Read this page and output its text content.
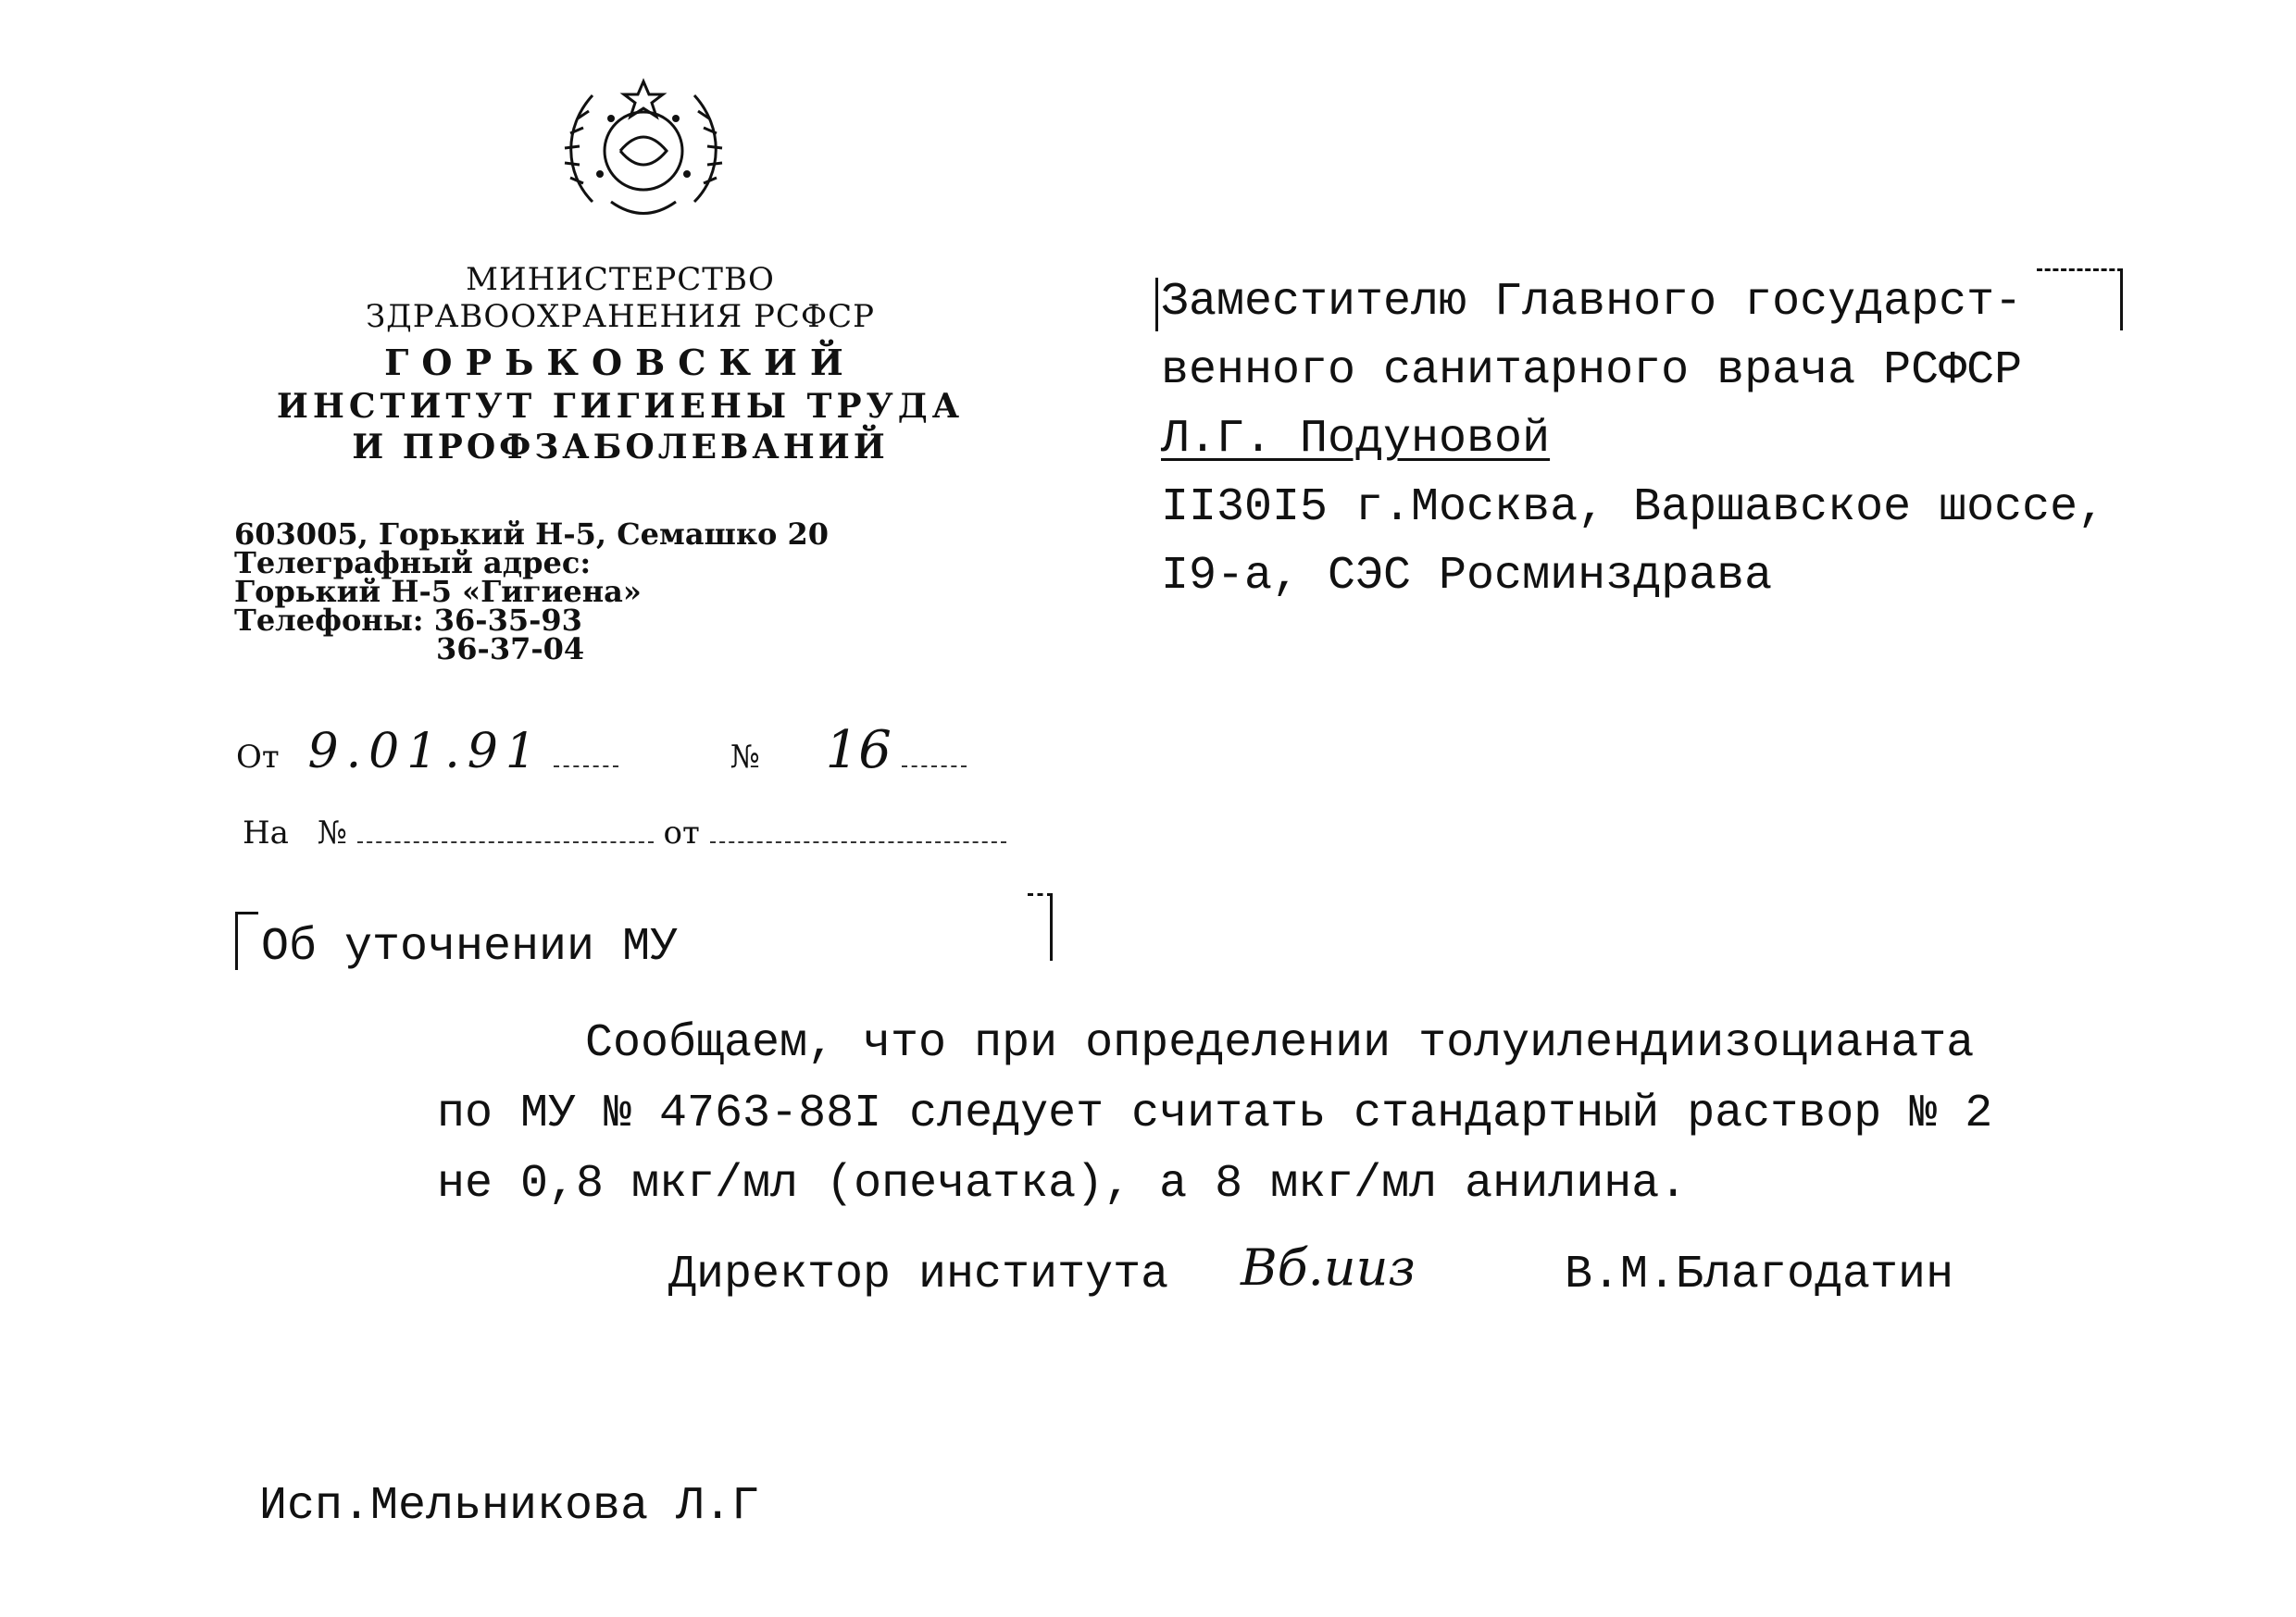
МИНИСТЕРСТВО
ЗДРАВООХРАНЕНИЯ РСФСР
ГОРЬКОВСКИЙ
ИНСТИТУТ ГИГИЕНЫ ТРУДА
И ПРОФЗАБОЛЕВАНИЙ
603005, Горький Н-5, Семашко 20
Телеграфный адрес:
Горький Н-5 «Гигиена»
Телефоны: 36-35-93
36-37-04
От 9.01.91	№ 16
На №	от
Заместителю Главного государст-
венного санитарного врача РСФСР
Л.Г. Подуновой
II30I5 г.Москва, Варшавское шоссе,
I9-а, СЭС Росминздрава
Об уточнении МУ
Сообщаем, что при определении толуилендиизоцианата
по МУ № 4763-88I следует считать стандартный раствор № 2
не 0,8 мкг/мл (опечатка), а 8 мкг/мл анилина.
Директор института Вб.ииз	В.М.Благодатин
Исп.Мельникова Л.Г
